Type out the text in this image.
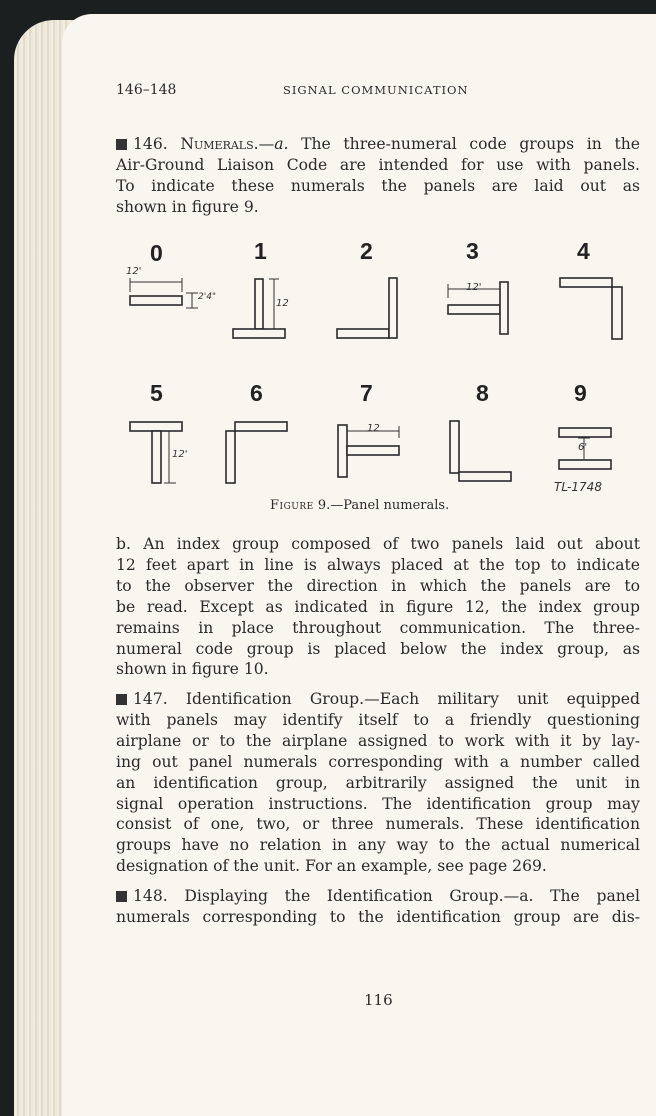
146–148	SIGNAL COMMUNICATION
146. Numerals.—a. The three-numeral code groups in the
Air-Ground Liaison Code are intended for use with panels.
To indicate these numerals the panels are laid out as
shown in figure 9.
0	1	2	3	4
5	6	7	8	9
12'
2'4"
12
12'
12'
12
6'
TL-1748
Figure 9.—Panel numerals.
b. An index group composed of two panels laid out about
12 feet apart in line is always placed at the top to indicate
to the observer the direction in which the panels are to
be read. Except as indicated in figure 12, the index group
remains in place throughout communication. The three-
numeral code group is placed below the index group, as
shown in figure 10.
147. Identification Group.—Each military unit equipped
with panels may identify itself to a friendly questioning
airplane or to the airplane assigned to work with it by lay-
ing out panel numerals corresponding with a number called
an identification group, arbitrarily assigned the unit in
signal operation instructions. The identification group may
consist of one, two, or three numerals. These identification
groups have no relation in any way to the actual numerical
designation of the unit. For an example, see page 269.
148. Displaying the Identification Group.—a. The panel
numerals corresponding to the identification group are dis-
116
